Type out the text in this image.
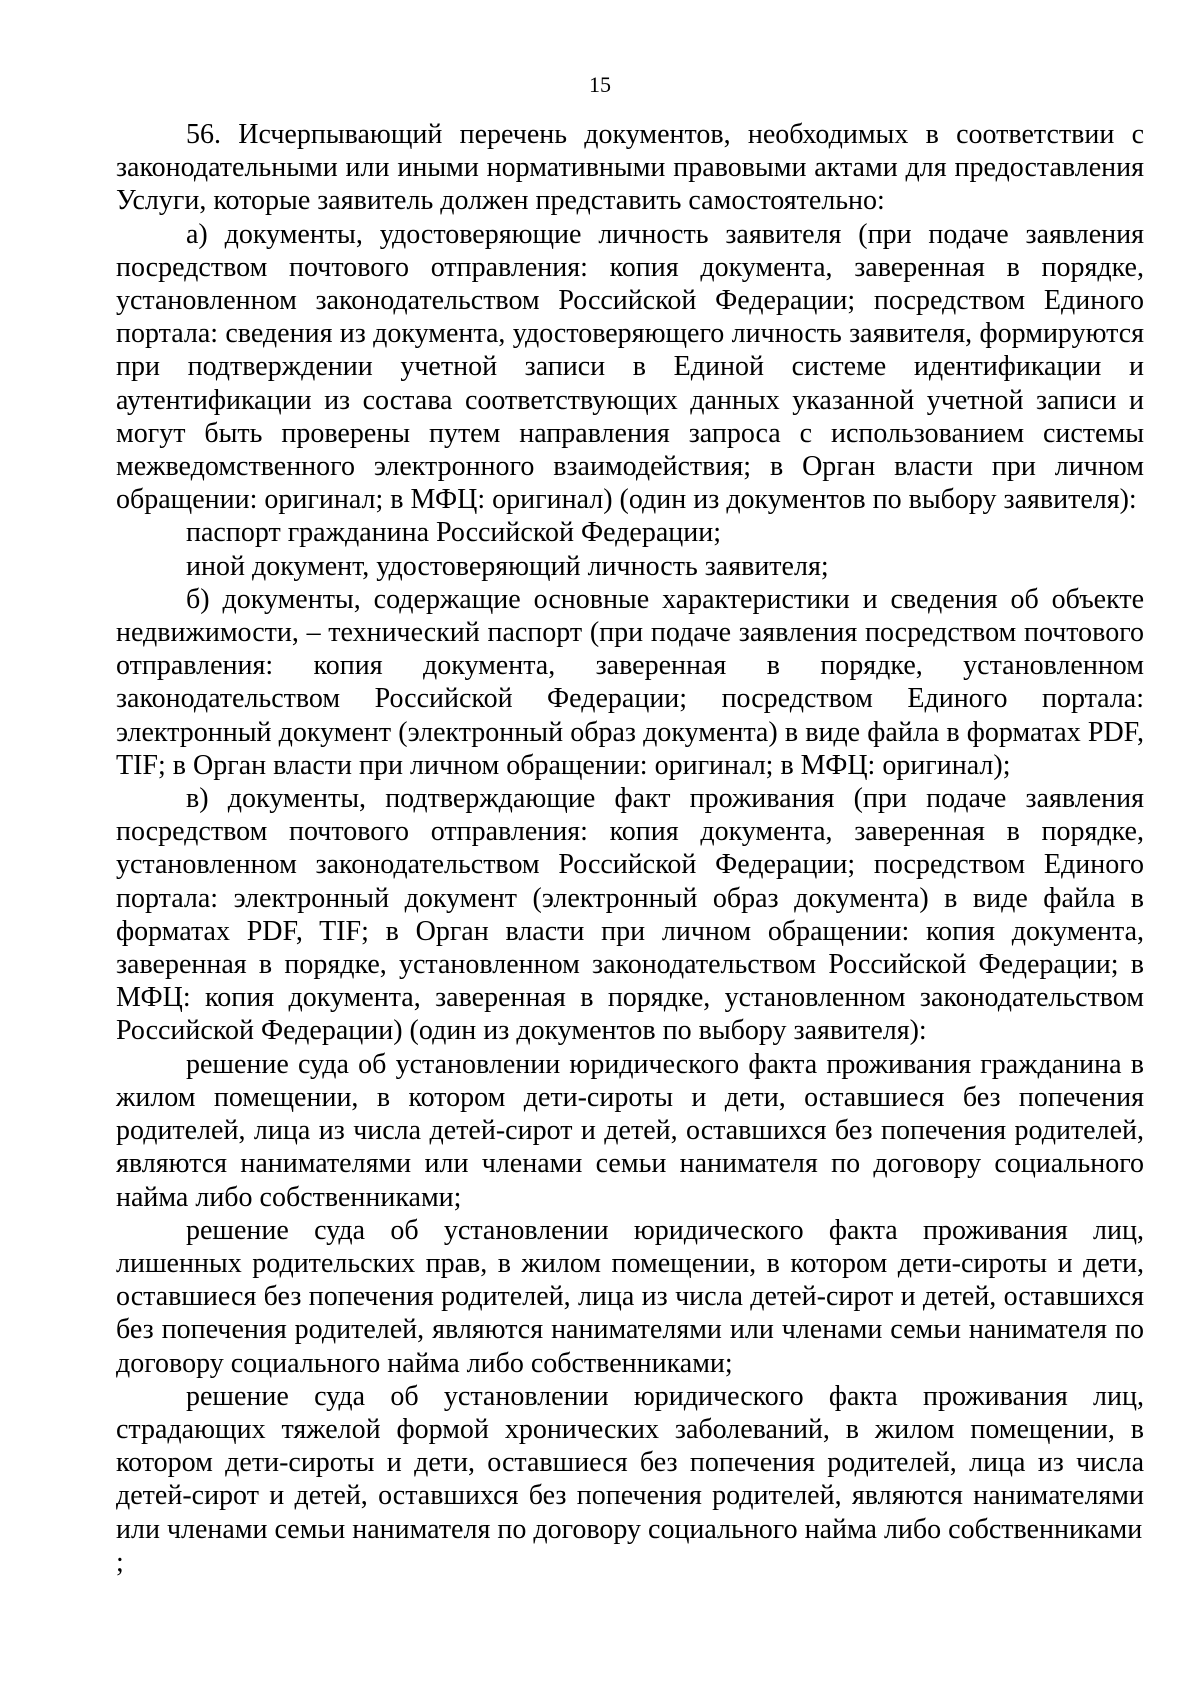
15

56. Исчерпывающий перечень документов, необходимых в соответствии с законодательными или иными нормативными правовыми актами для предоставления Услуги, которые заявитель должен представить самостоятельно:

а) документы, удостоверяющие личность заявителя (при подаче заявления посредством почтового отправления: копия документа, заверенная в порядке, установленном законодательством Российской Федерации; посредством Единого портала: сведения из документа, удостоверяющего личность заявителя, формируются при подтверждении учетной записи в Единой системе идентификации и аутентификации из состава соответствующих данных указанной учетной записи и могут быть проверены путем направления запроса с использованием системы межведомственного электронного взаимодействия; в Орган власти при личном обращении: оригинал; в МФЦ: оригинал) (один из документов по выбору заявителя):

паспорт гражданина Российской Федерации;

иной документ, удостоверяющий личность заявителя;

б) документы, содержащие основные характеристики и сведения об объекте недвижимости, – технический паспорт (при подаче заявления посредством почтового отправления: копия документа, заверенная в порядке, установленном законодательством Российской Федерации; посредством Единого портала: электронный документ (электронный образ документа) в виде файла в форматах PDF, TIF; в Орган власти при личном обращении: оригинал; в МФЦ: оригинал);

в) документы, подтверждающие факт проживания (при подаче заявления посредством почтового отправления: копия документа, заверенная в порядке, установленном законодательством Российской Федерации; посредством Единого портала: электронный документ (электронный образ документа) в виде файла в форматах PDF, TIF; в Орган власти при личном обращении: копия документа, заверенная в порядке, установленном законодательством Российской Федерации; в МФЦ: копия документа, заверенная в порядке, установленном законодательством Российской Федерации) (один из документов по выбору заявителя):

решение суда об установлении юридического факта проживания гражданина в жилом помещении, в котором дети-сироты и дети, оставшиеся без попечения родителей, лица из числа детей-сирот и детей, оставшихся без попечения родителей, являются нанимателями или членами семьи нанимателя по договору социального найма либо собственниками;

решение суда об установлении юридического факта проживания лиц, лишенных родительских прав, в жилом помещении, в котором дети-сироты и дети, оставшиеся без попечения родителей, лица из числа детей-сирот и детей, оставшихся без попечения родителей, являются нанимателями или членами семьи нанимателя по договору социального найма либо собственниками;

решение суда об установлении юридического факта проживания лиц, страдающих тяжелой формой хронических заболеваний, в жилом помещении, в котором дети-сироты и дети, оставшиеся без попечения родителей, лица из числа детей-сирот и детей, оставшихся без попечения родителей, являются нанимателями или членами семьи нанимателя по договору социального найма либо собственниками

;
